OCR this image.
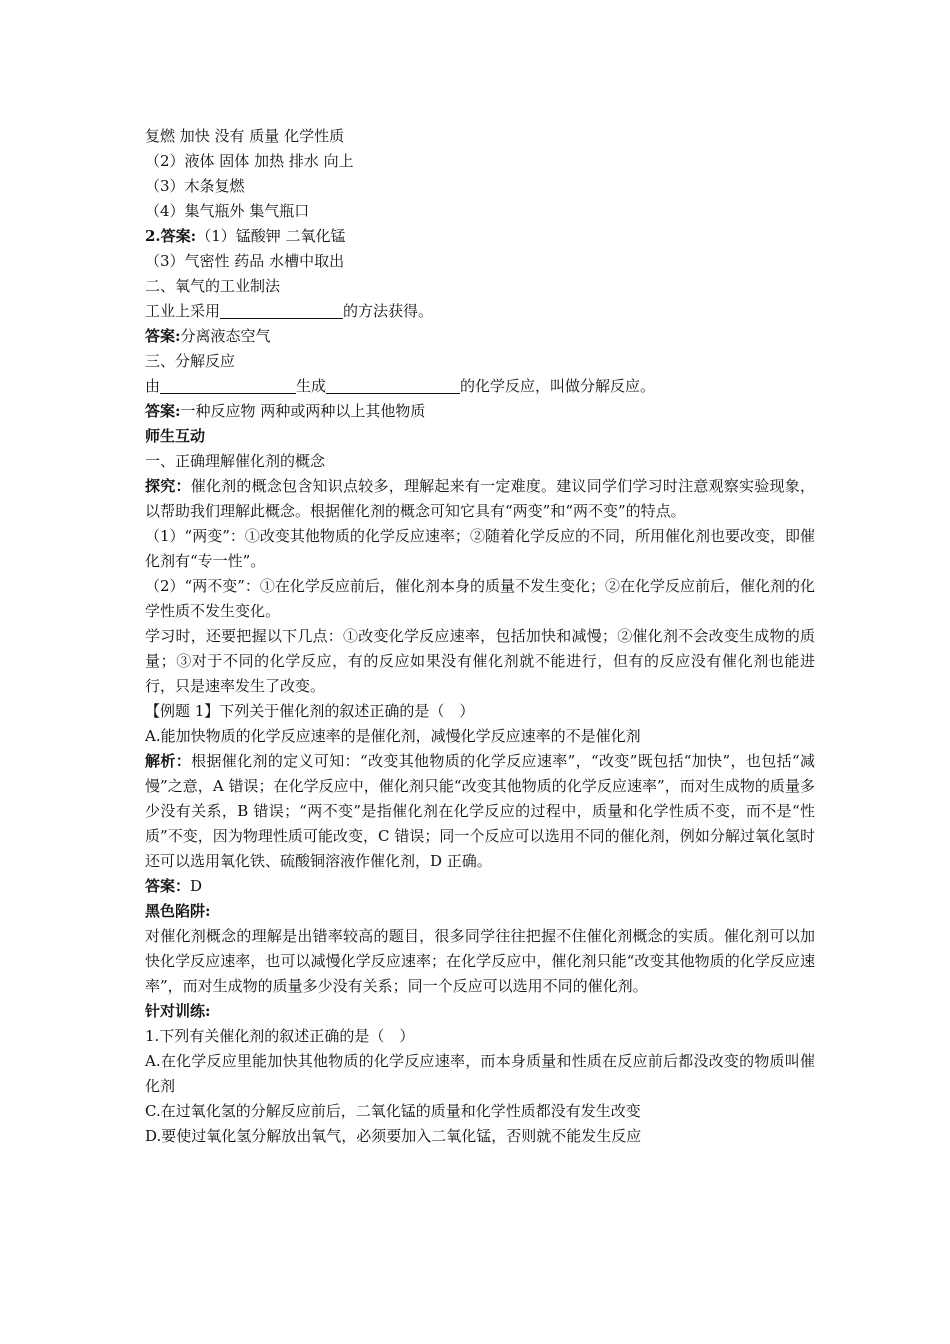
复燃 加快 没有 质量 化学性质
（2）液体 固体 加热 排水 向上
（3）木条复燃
（4）集气瓶外 集气瓶口
2.答案:（1）锰酸钾 二氧化锰
（3）气密性 药品 水槽中取出
二、氧气的工业制法
工业上采用	的方法获得。
答案:分离液态空气
三、分解反应
由	生成	的化学反应，叫做分解反应。
答案:一种反应物 两种或两种以上其他物质
师生互动
一、正确理解催化剂的概念
探究：催化剂的概念包含知识点较多，理解起来有一定难度。建议同学们学习时注意观察实验现象，以帮助我们理解此概念。根据催化剂的概念可知它具有“两变”和“两不变”的特点。
（1）“两变”：①改变其他物质的化学反应速率；②随着化学反应的不同，所用催化剂也要改变，即催化剂有“专一性”。
（2）“两不变”：①在化学反应前后，催化剂本身的质量不发生变化；②在化学反应前后，催化剂的化学性质不发生变化。
学习时，还要把握以下几点：①改变化学反应速率，包括加快和减慢；②催化剂不会改变生成物的质量；③对于不同的化学反应，有的反应如果没有催化剂就不能进行，但有的反应没有催化剂也能进行，只是速率发生了改变。
【例题 1】下列关于催化剂的叙述正确的是（　）
A.能加快物质的化学反应速率的是催化剂，减慢化学反应速率的不是催化剂
解析：根据催化剂的定义可知：“改变其他物质的化学反应速率”，“改变”既包括“加快”，也包括“减慢”之意，A 错误；在化学反应中，催化剂只能“改变其他物质的化学反应速率”，而对生成物的质量多少没有关系，B 错误；“两不变”是指催化剂在化学反应的过程中，质量和化学性质不变，而不是“性质”不变，因为物理性质可能改变，C 错误；同一个反应可以选用不同的催化剂，例如分解过氧化氢时还可以选用氧化铁、硫酸铜溶液作催化剂，D 正确。
答案：D
黑色陷阱:
对催化剂概念的理解是出错率较高的题目，很多同学往往把握不住催化剂概念的实质。催化剂可以加快化学反应速率，也可以减慢化学反应速率；在化学反应中，催化剂只能“改变其他物质的化学反应速率”，而对生成物的质量多少没有关系；同一个反应可以选用不同的催化剂。
针对训练:
1.下列有关催化剂的叙述正确的是（　）
A.在化学反应里能加快其他物质的化学反应速率，而本身质量和性质在反应前后都没改变的物质叫催化剂
C.在过氧化氢的分解反应前后，二氧化锰的质量和化学性质都没有发生改变
D.要使过氧化氢分解放出氧气，必须要加入二氧化锰，否则就不能发生反应
